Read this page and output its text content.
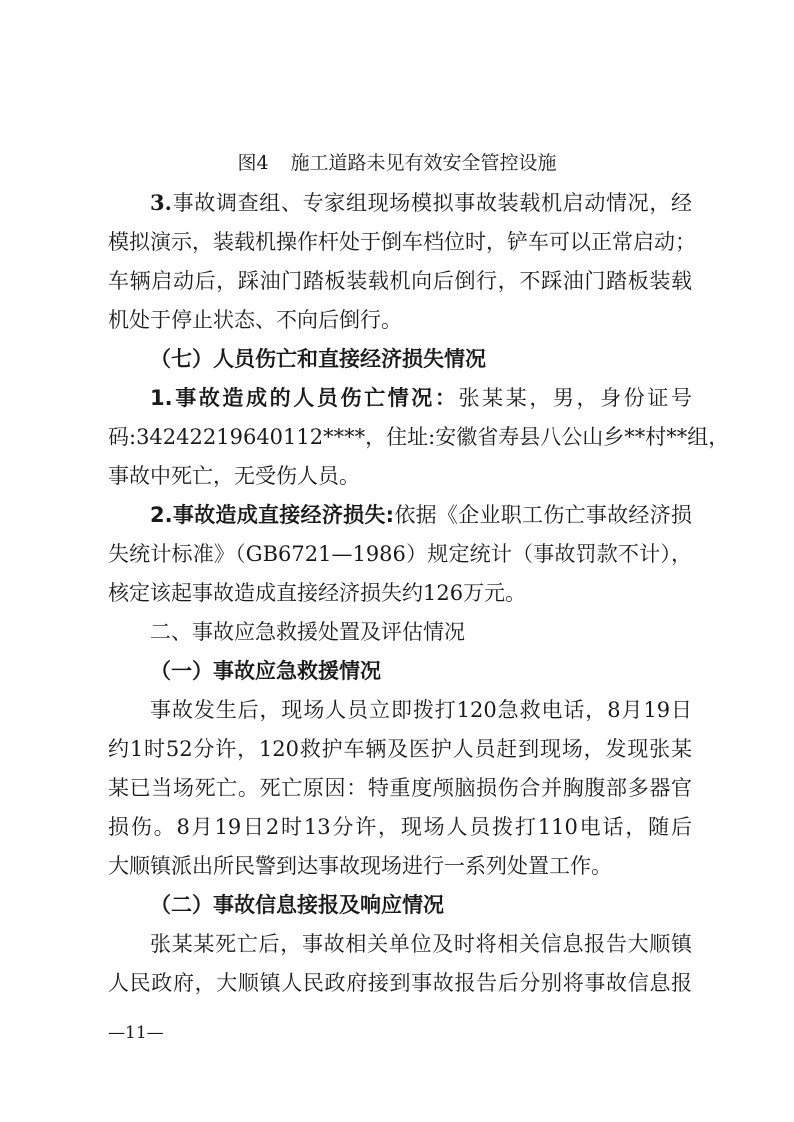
图4 施工道路未见有效安全管控设施
3.事故调查组、专家组现场模拟事故装载机启动情况，经
模拟演示，装载机操作杆处于倒车档位时，铲车可以正常启动；
车辆启动后，踩油门踏板装载机向后倒行，不踩油门踏板装载
机处于停止状态、不向后倒行。
（七）人员伤亡和直接经济损失情况
1.事故造成的人员伤亡情况：张某某，男，身份证号
码:34242219640112****，住址:安徽省寿县八公山乡**村**组，
事故中死亡，无受伤人员。
2.事故造成直接经济损失:依据《企业职工伤亡事故经济损
失统计标准》（GB6721—1986）规定统计（事故罚款不计），
核定该起事故造成直接经济损失约126万元。
二、事故应急救援处置及评估情况
（一）事故应急救援情况
事故发生后，现场人员立即拨打120急救电话，8月19日
约1时52分许，120救护车辆及医护人员赶到现场，发现张某
某已当场死亡。死亡原因：特重度颅脑损伤合并胸腹部多器官
损伤。8月19日2时13分许，现场人员拨打110电话，随后
大顺镇派出所民警到达事故现场进行一系列处置工作。
（二）事故信息接报及响应情况
张某某死亡后，事故相关单位及时将相关信息报告大顺镇
人民政府，大顺镇人民政府接到事故报告后分别将事故信息报
—11—
